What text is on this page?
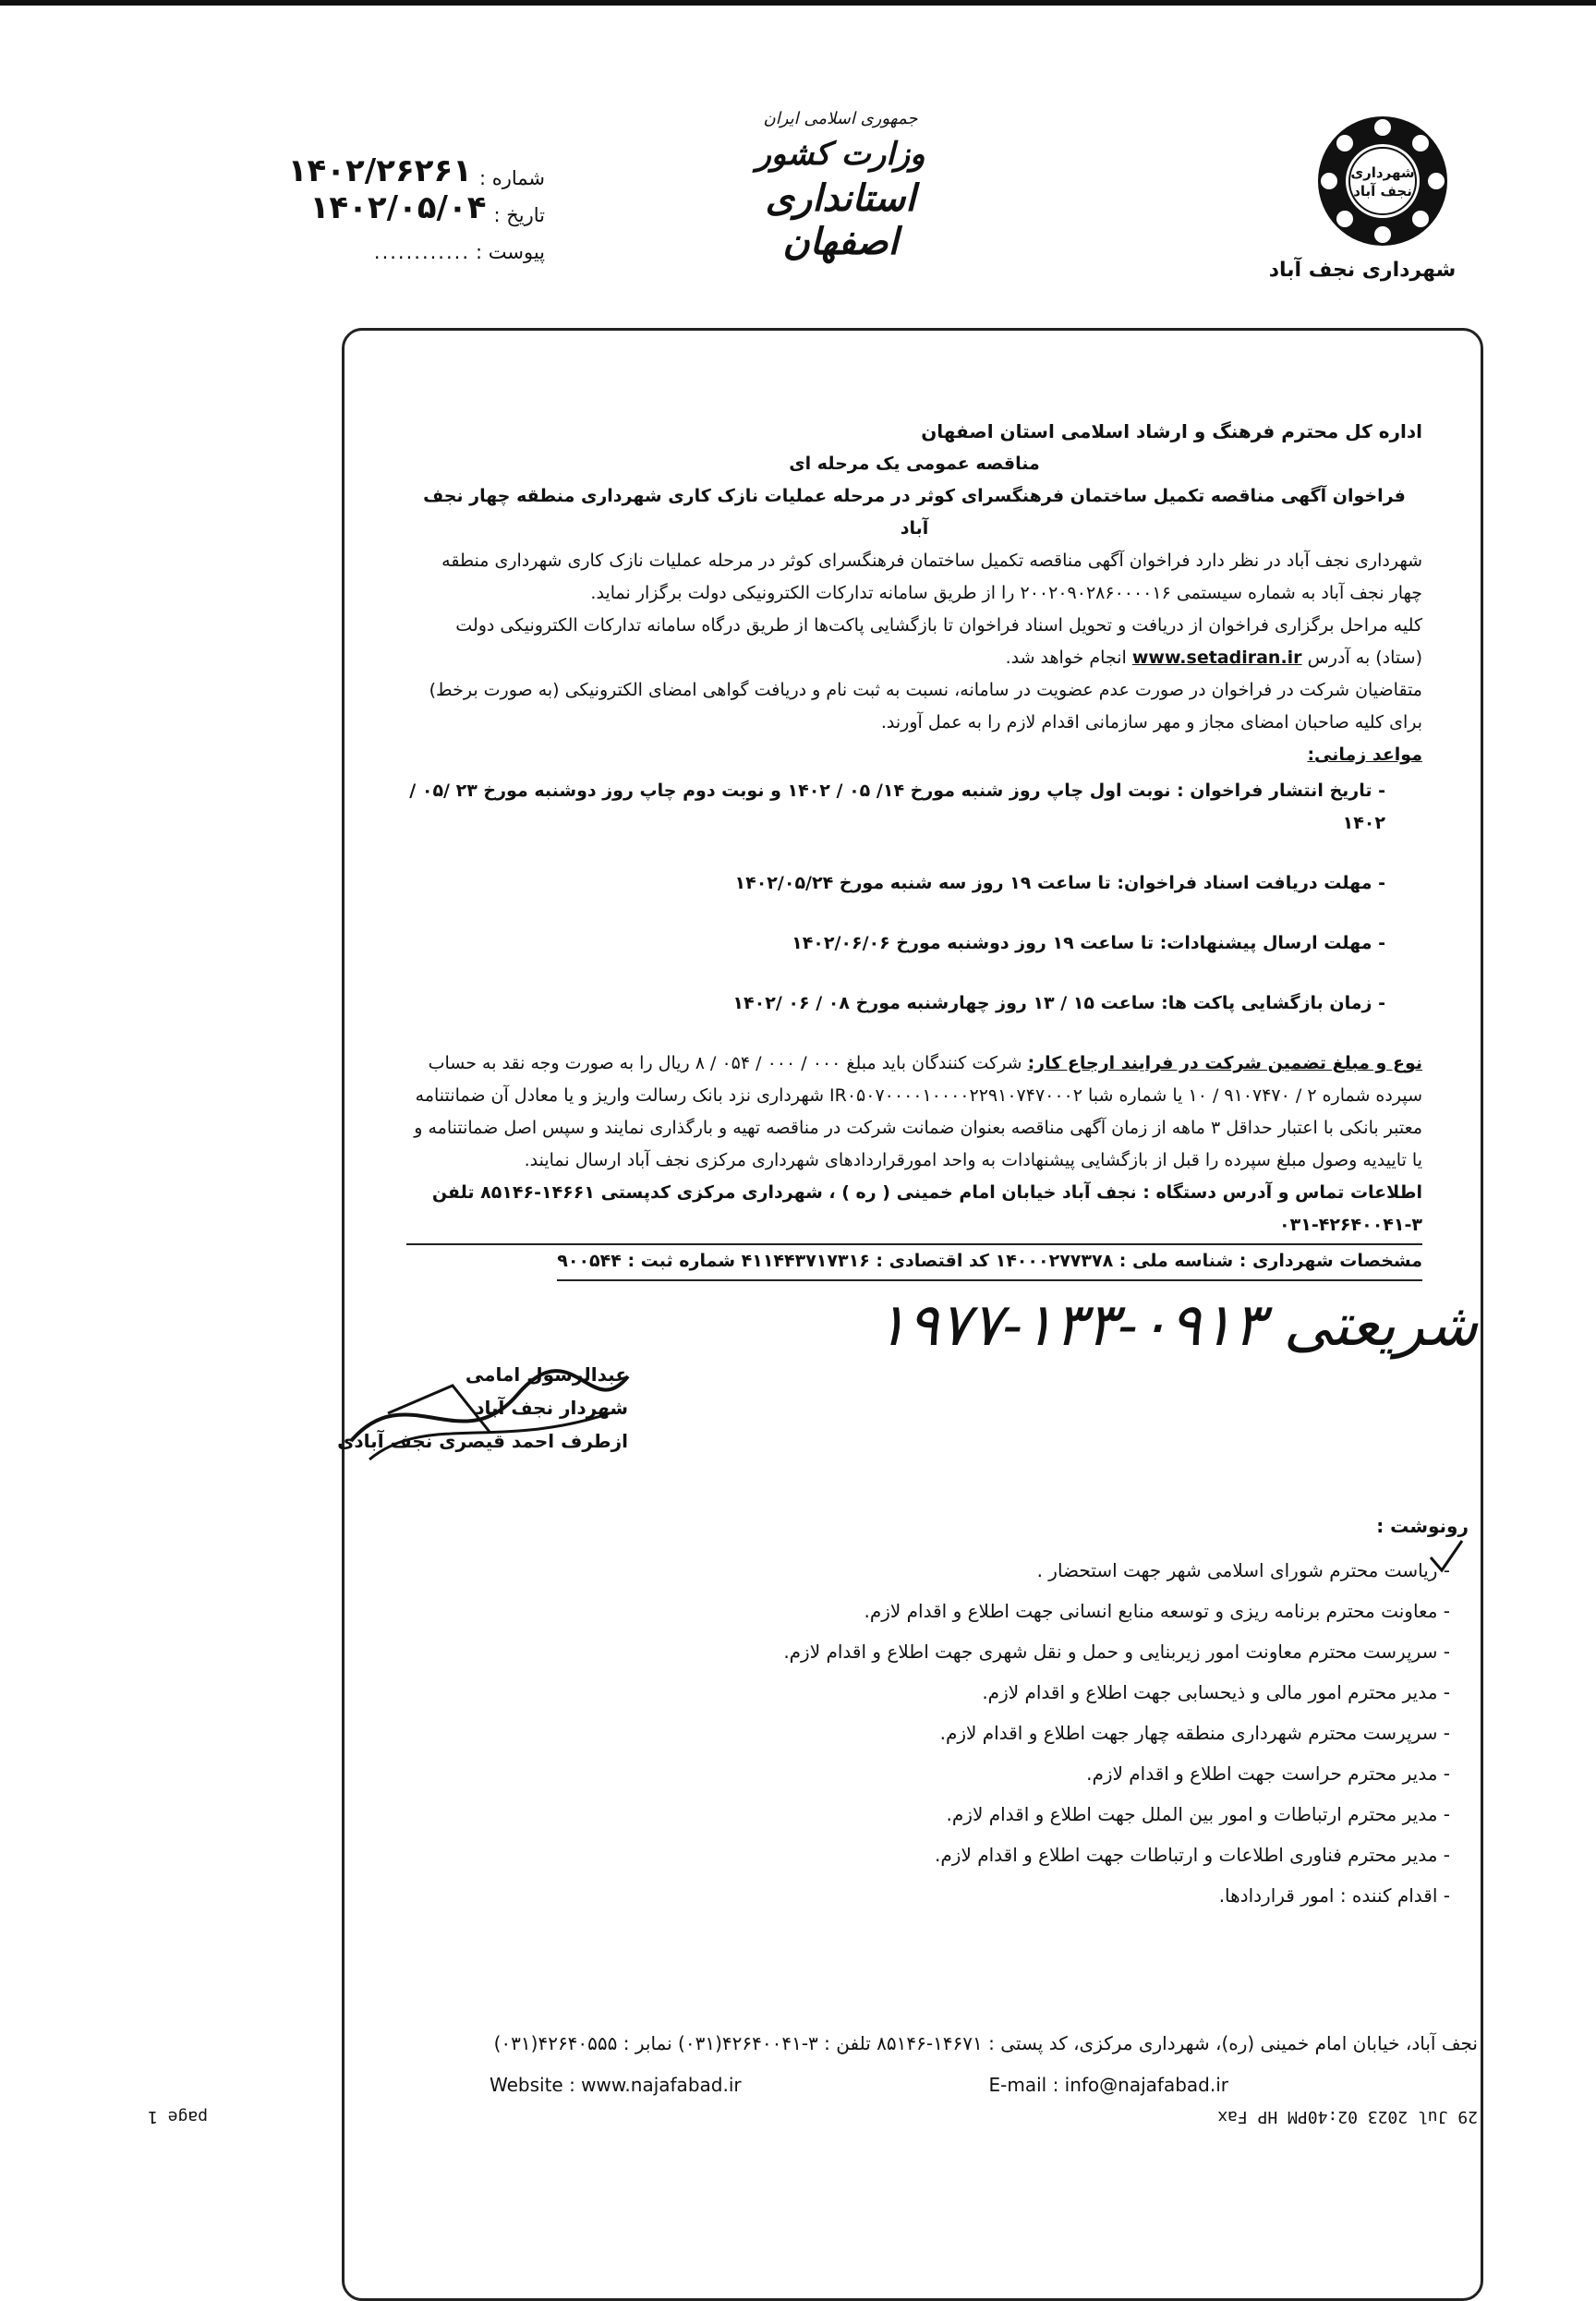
شهرداری
نجف آباد
شهرداری نجف آباد
جمهوری اسلامی ایران
وزارت کشور
استانداری اصفهان
شماره :
۱۴۰۲/۲۶۲۶۱
تاریخ :
۱۴۰۲/۰۵/۰۴
پیوست :
............

اداره کل محترم فرهنگ و ارشاد اسلامی استان اصفهان

مناقصه عمومی یک مرحله ای

فراخوان آگهی مناقصه تکمیل ساختمان فرهنگسرای کوثر در مرحله عملیات نازک کاری شهرداری منطقه چهار نجف آباد

شهرداری نجف آباد در نظر دارد فراخوان آگهی مناقصه تکمیل ساختمان فرهنگسرای کوثر در مرحله عملیات نازک کاری شهرداری منطقه چهار نجف آباد به شماره سیستمی ۲۰۰۲۰۹۰۲۸۶۰۰۰۰۱۶ را از طریق سامانه تدارکات الکترونیکی دولت برگزار نماید.

کلیه مراحل برگزاری فراخوان از دریافت و تحویل اسناد فراخوان تا بازگشایی پاکت‌ها از طریق درگاه سامانه تدارکات الکترونیکی دولت (ستاد) به آدرس www.setadiran.ir انجام خواهد شد.

متقاضیان شرکت در فراخوان در صورت عدم عضویت در سامانه، نسبت به ثبت نام و دریافت گواهی امضای الکترونیکی (به صورت برخط) برای کلیه صاحبان امضای مجاز و مهر سازمانی اقدام لازم را به عمل آورند.

مواعد زمانی:

- تاریخ انتشار فراخوان : نوبت اول چاپ روز شنبه مورخ ۱۴/ ۰۵ / ۱۴۰۲ و نوبت دوم چاپ روز دوشنبه مورخ ۲۳ /۰۵ /۱۴۰۲
- مهلت دریافت اسناد فراخوان: تا ساعت ۱۹ روز سه شنبه مورخ ۱۴۰۲/۰۵/۲۴
- مهلت ارسال پیشنهادات: تا ساعت ۱۹ روز دوشنبه مورخ ۱۴۰۲/۰۶/۰۶
- زمان بازگشایی پاکت ها: ساعت ۱۵ / ۱۳ روز چهارشنبه مورخ ۰۸ / ۰۶ /۱۴۰۲

نوع و مبلغ تضمین شرکت در فرایند ارجاع کار: شرکت کنندگان باید مبلغ ۰۰۰ / ۰۰۰ / ۰۵۴ / ۸ ریال را به صورت وجه نقد به حساب سپرده شماره ۲ / ۹۱۰۷۴۷۰ / ۱۰ یا شماره شبا IR۰۵۰۷۰۰۰۰۱۰۰۰۰۲۲۹۱۰۷۴۷۰۰۰۲ شهرداری نزد بانک رسالت واریز و یا معادل آن ضمانتنامه معتبر بانکی با اعتبار حداقل ۳ ماهه از زمان آگهی مناقصه بعنوان ضمانت شرکت در مناقصه تهیه و بارگذاری نمایند و سپس اصل ضمانتنامه و یا تاییدیه وصول مبلغ سپرده را قبل از بازگشایی پیشنهادات به واحد امورقراردادهای شهرداری مرکزی نجف آباد ارسال نمایند.

اطلاعات تماس و آدرس دستگاه : نجف آباد خیابان امام خمینی ( ره ) ، شهرداری مرکزی کدپستی ۱۴۶۶۱-۸۵۱۴۶ تلفن ۳-۴۲۶۴۰۰۴۱-۰۳۱

مشخصات شهرداری : شناسه ملی : ۱۴۰۰۰۲۷۷۳۷۸ کد اقتصادی : ۴۱۱۴۴۳۷۱۷۳۱۶ شماره ثبت : ۹۰۰۵۴۴

شریعتی ۰۹۱۳-۱۳۳-۱۹۷۷
عبدالرسول امامی
شهردار نجف آباد
ازطرف احمد قیصری نجف آبادی
رونوشت :
- ریاست محترم شورای اسلامی شهر جهت استحضار .
- معاونت محترم برنامه ریزی و توسعه منابع انسانی جهت اطلاع و اقدام لازم.
- سرپرست محترم معاونت امور زیربنایی و حمل و نقل شهری جهت اطلاع و اقدام لازم.
- مدیر محترم امور مالی و ذیحسابی جهت اطلاع و اقدام لازم.
- سرپرست محترم شهرداری منطقه چهار جهت اطلاع و اقدام لازم.
- مدیر محترم حراست جهت اطلاع و اقدام لازم.
- مدیر محترم ارتباطات و امور بین الملل جهت اطلاع و اقدام لازم.
- مدیر محترم فناوری اطلاعات و ارتباطات جهت اطلاع و اقدام لازم.
- اقدام کننده : امور قراردادها.
نجف آباد، خیابان امام خمینی (ره)، شهرداری مرکزی، کد پستی : ۱۴۶۷۱-۸۵۱۴۶ تلفن : ۳-۴۲۶۴۰۰۴۱(۰۳۱) نمابر : ۴۲۶۴۰۵۵۵(۰۳۱)
Website : www.najafabad.ir	E-mail : info@najafabad.ir
29 Jul 2023 02:40PM HP Fax
page 1
